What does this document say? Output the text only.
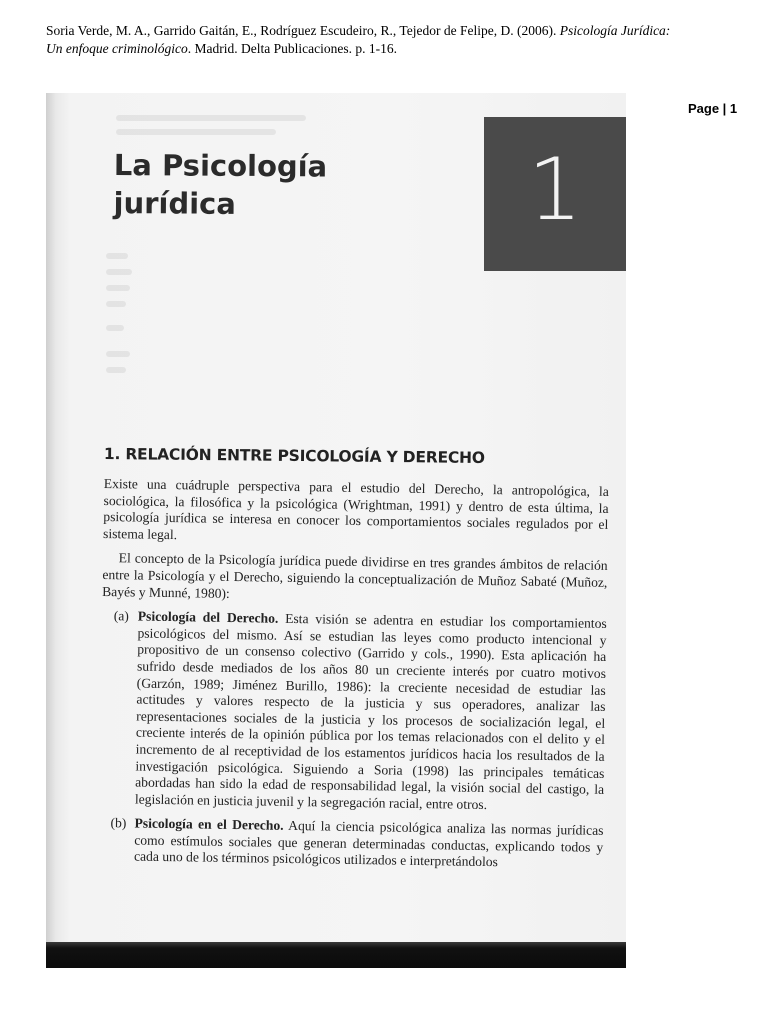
Soria Verde, M. A., Garrido Gaitán, E., Rodríguez Escudeiro, R., Tejedor de Felipe, D. (2006). Psicología Jurídica: Un enfoque criminológico. Madrid. Delta Publicaciones. p. 1-16.
Page | 1
La Psicología
jurídica	1
1. RELACIÓN ENTRE PSICOLOGÍA Y DERECHO

Existe una cuádruple perspectiva para el estudio del Derecho, la antropológica, la sociológica, la filosófica y la psicológica (Wrightman, 1991) y dentro de esta última, la psicología jurídica se interesa en conocer los comportamientos sociales regulados por el sistema legal.

El concepto de la Psicología jurídica puede dividirse en tres grandes ámbitos de relación entre la Psicología y el Derecho, siguiendo la conceptualización de Muñoz Sabaté (Muñoz, Bayés y Munné, 1980):

(a) Psicología del Derecho. Esta visión se adentra en estudiar los comportamientos psicológicos del mismo. Así se estudian las leyes como producto intencional y propositivo de un consenso colectivo (Garrido y cols., 1990). Esta aplicación ha sufrido desde mediados de los años 80 un creciente interés por cuatro motivos (Garzón, 1989; Jiménez Burillo, 1986): la creciente necesidad de estudiar las actitudes y valores respecto de la justicia y sus operadores, analizar las representaciones sociales de la justicia y los procesos de socialización legal, el creciente interés de la opinión pública por los temas relacionados con el delito y el incremento de al receptividad de los estamentos jurídicos hacia los resultados de la investigación psicológica. Siguiendo a Soria (1998) las principales temáticas abordadas han sido la edad de responsabilidad legal, la visión social del castigo, la legislación en justicia juvenil y la segregación racial, entre otros.
(b) Psicología en el Derecho. Aquí la ciencia psicológica analiza las normas jurídicas como estímulos sociales que generan determinadas conductas, explicando todos y cada uno de los términos psicológicos utilizados e interpretándolos
